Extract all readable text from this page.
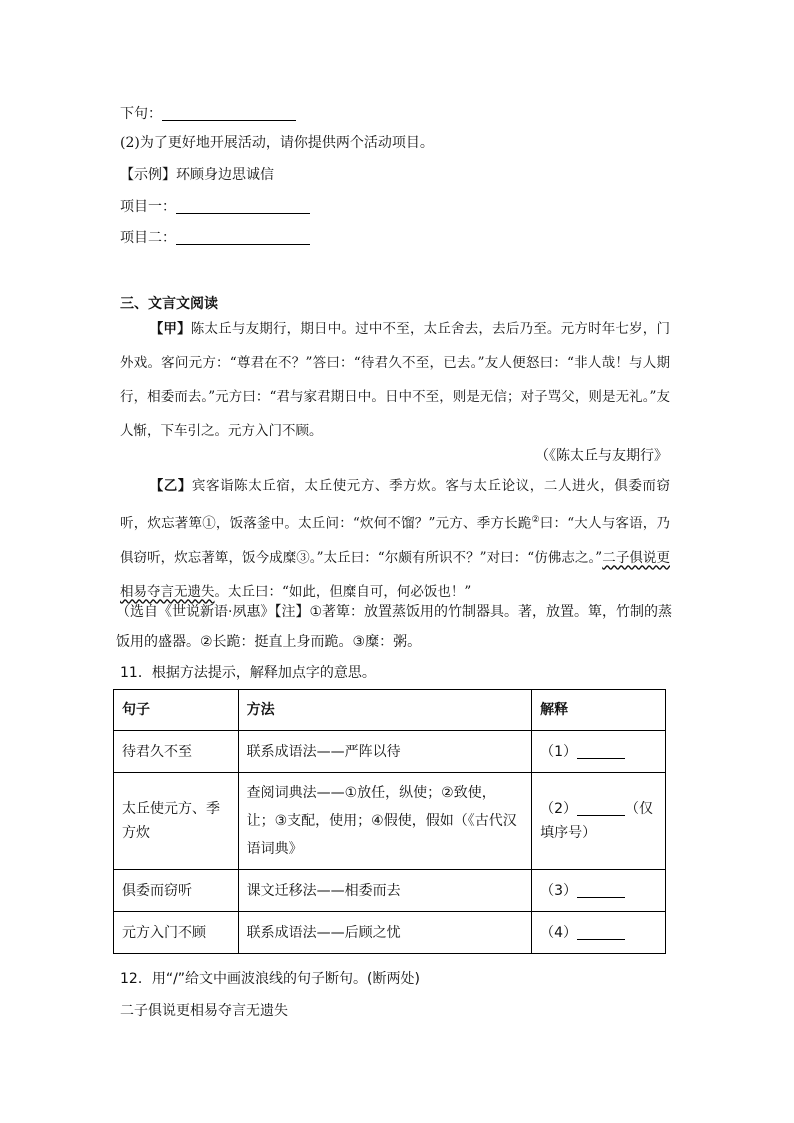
下句：
(2)为了更好地开展活动，请你提供两个活动项目。
【示例】环顾身边思诚信
项目一：
项目二：
三、文言文阅读
【甲】陈太丘与友期行，期日中。过中不至，太丘舍去，去后乃至。元方时年七岁，门外戏。客问元方：“尊君在不？”答曰：“待君久不至，已去。”友人便怒曰：“非人哉！与人期行，相委而去。”元方曰：“君与家君期日中。日中不至，则是无信；对子骂父，则是无礼。”友人惭，下车引之。元方入门不顾。
（《陈太丘与友期行》
【乙】宾客诣陈太丘宿，太丘使元方、季方炊。客与太丘论议，二人进火，俱委而窃听，炊忘著箄①，饭落釜中。太丘问：“炊何不馏？”元方、季方长跪②曰：“大人与客语，乃俱窃听，炊忘著箄，饭今成糜③。”太丘曰：“尔颇有所识不？”对曰：“仿佛志之。”二子俱说更相易夺言无遗失。太丘曰：“如此，但糜自可，何必饭也！”
（选自《世说新语·夙惠》【注】①著箄：放置蒸饭用的竹制器具。著，放置。箄，竹制的蒸饭用的盛器。②长跪：挺直上身而跪。③糜：粥。
11．根据方法提示，解释加点字的意思。
句子	方法	解释
待君久不至	联系成语法——严阵以待	（1）
太丘使元方、季方炊	查阅词典法——①放任，纵使；②致使，让；③支配，使用；④假使，假如（《古代汉语词典》	（2） （仅填序号）
俱委而窃听	课文迁移法——相委而去	（3）
元方入门不顾	联系成语法——后顾之忧	（4）
12．用“/”给文中画波浪线的句子断句。(断两处)
二子俱说更相易夺言无遗失
